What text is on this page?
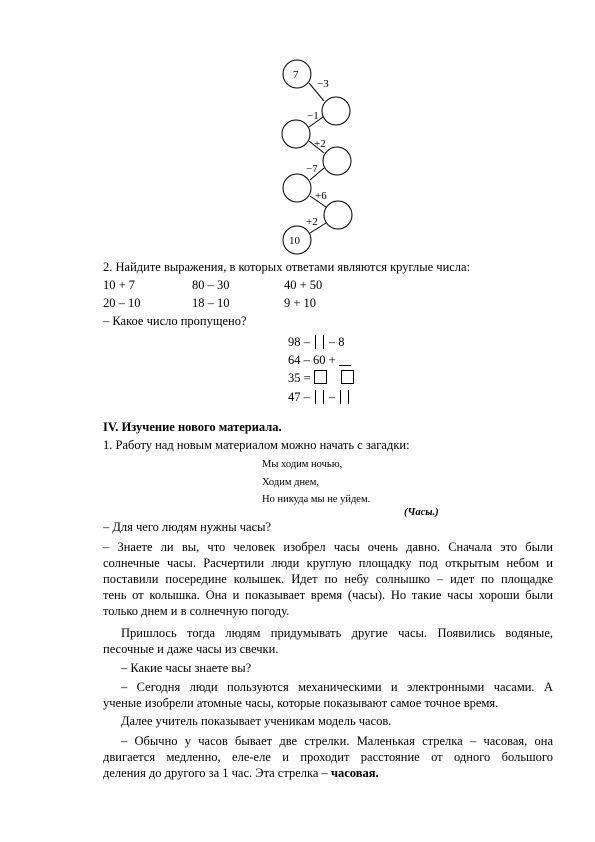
7
10
−3
−1
+2
−7
+6
+2
2. Найдите выражения, в которых ответами являются круглые числа:
10 + 7	80 – 30	40 + 50
20 – 10	18 – 10	9 + 10
– Какое число пропущено?
98 – – 8
64 – 60 +
35 =
47 – –
IV. Изучение нового материала.
1. Работу над новым материалом можно начать с загадки:
Мы ходим ночью,
Ходим днем,
Но никуда мы не уйдем.
(Часы.)
– Для чего людям нужны часы?
– Знаете ли вы, что человек изобрел часы очень давно. Сначала это были
солнечные часы. Расчертили люди круглую площадку под открытым небом и
поставили посередине колышек. Идет по небу солнышко – идет по площадке
тень от колышка. Она и показывает время (часы). Но такие часы хороши были
только днем и в солнечную погоду.
Пришлось тогда людям придумывать другие часы. Появились водяные,
песочные и даже часы из свечки.
– Какие часы знаете вы?
– Сегодня люди пользуются механическими и электронными часами. А
ученые изобрели атомные часы, которые показывают самое точное время.
Далее учитель показывает ученикам модель часов.
– Обычно у часов бывает две стрелки. Маленькая стрелка – часовая, она
двигается медленно, еле-еле и проходит расстояние от одного большого
деления до другого за 1 час. Эта стрелка – часовая.
